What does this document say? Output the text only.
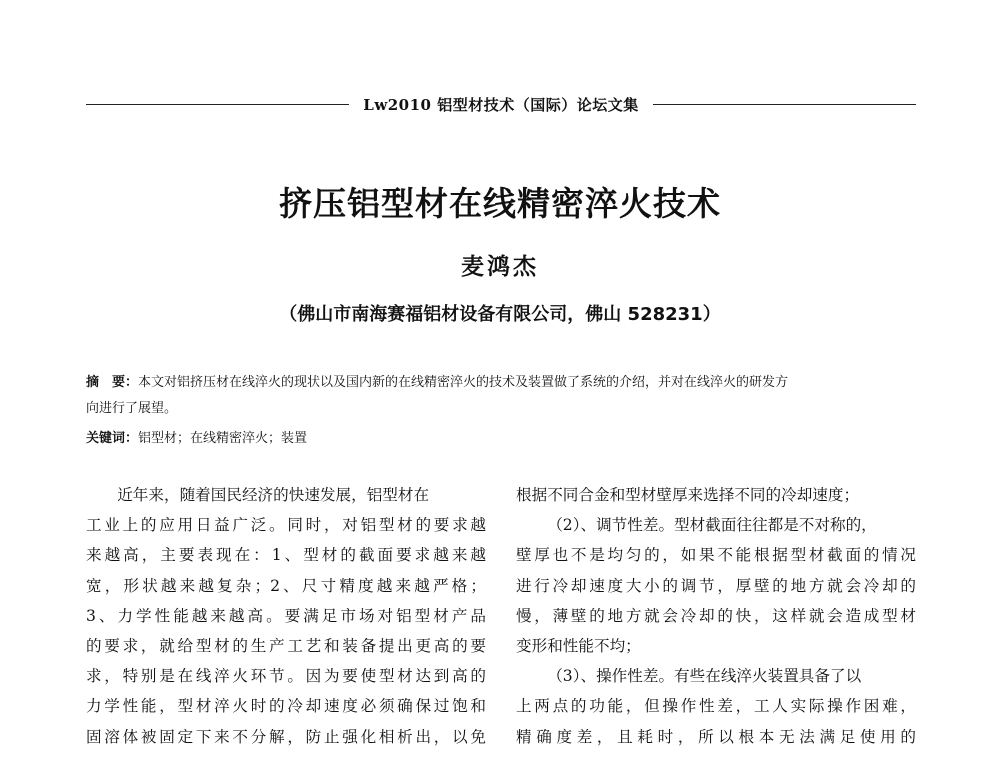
Lw2010 铝型材技术（国际）论坛文集
挤压铝型材在线精密淬火技术
麦鸿杰
（佛山市南海赛福铝材设备有限公司，佛山 528231）
摘　要：本文对铝挤压材在线淬火的现状以及国内新的在线精密淬火的技术及装置做了系统的介绍，并对在线淬火的研发方
向进行了展望。
关键词：铝型材；在线精密淬火；装置
近年来，随着国民经济的快速发展，铝型材在
工业上的应用日益广泛。同时，对铝型材的要求越
来越高，主要表现在：1、型材的截面要求越来越
宽，形状越来越复杂；2、尺寸精度越来越严格；
3、力学性能越来越高。要满足市场对铝型材产品
的要求，就给型材的生产工艺和装备提出更高的要
求，特别是在线淬火环节。因为要使型材达到高的
力学性能，型材淬火时的冷却速度必须确保过饱和
固溶体被固定下来不分解，防止强化相析出，以免
根据不同合金和型材壁厚来选择不同的冷却速度；
（2）、调节性差。型材截面往往都是不对称的，
壁厚也不是均匀的，如果不能根据型材截面的情况
进行冷却速度大小的调节，厚壁的地方就会冷却的
慢，薄壁的地方就会冷却的快，这样就会造成型材
变形和性能不均；
（3）、操作性差。有些在线淬火装置具备了以
上两点的功能，但操作性差，工人实际操作困难，
精确度差，且耗时，所以根本无法满足使用的
